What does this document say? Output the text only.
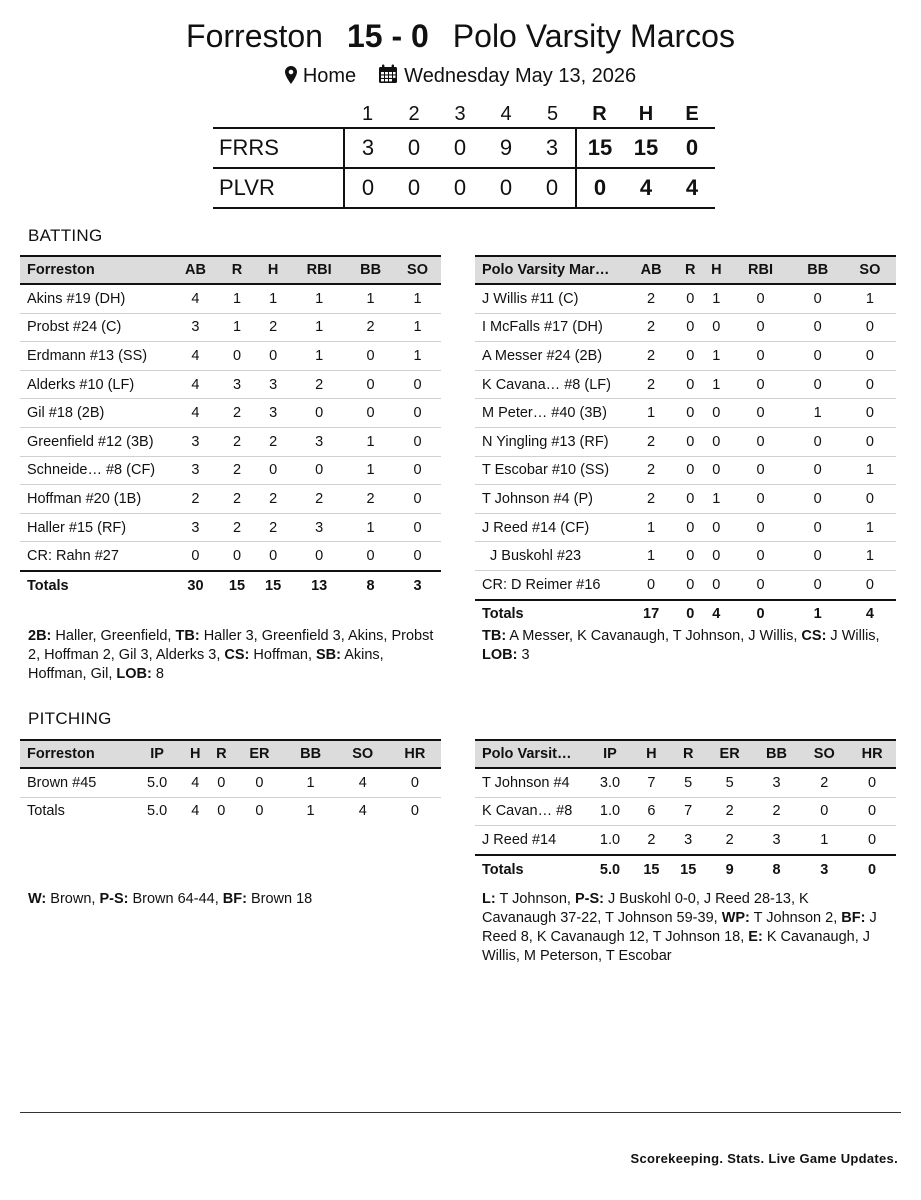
Forreston 15 - 0 Polo Varsity Marcos
Home Wednesday May 13, 2026
	1	2	3	4	5	R	H	E
FRRS	3	0	0	9	3	15	15	0
PLVR	0	0	0	0	0	0	4	4
BATTING
Forreston	AB	R	H	RBI	BB	SO
Akins #19 (DH)	4	1	1	1	1	1
Probst #24 (C)	3	1	2	1	2	1
Erdmann #13 (SS)	4	0	0	1	0	1
Alderks #10 (LF)	4	3	3	2	0	0
Gil #18 (2B)	4	2	3	0	0	0
Greenfield #12 (3B)	3	2	2	3	1	0
Schneide… #8 (CF)	3	2	0	0	1	0
Hoffman #20 (1B)	2	2	2	2	2	0
Haller #15 (RF)	3	2	2	3	1	0
CR: Rahn #27	0	0	0	0	0	0
Totals	30	15	15	13	8	3
Polo Varsity Mar…	AB	R	H	RBI	BB	SO
J Willis #11 (C)	2	0	1	0	0	1
I McFalls #17 (DH)	2	0	0	0	0	0
A Messer #24 (2B)	2	0	1	0	0	0
K Cavana… #8 (LF)	2	0	1	0	0	0
M Peter… #40 (3B)	1	0	0	0	1	0
N Yingling #13 (RF)	2	0	0	0	0	0
T Escobar #10 (SS)	2	0	0	0	0	1
T Johnson #4 (P)	2	0	1	0	0	0
J Reed #14 (CF)	1	0	0	0	0	1
J Buskohl #23	1	0	0	0	0	1
CR: D Reimer #16	0	0	0	0	0	0
Totals	17	0	4	0	1	4
2B: Haller, Greenfield, TB: Haller 3, Greenfield 3, Akins, Probst 2, Hoffman 2, Gil 3, Alderks 3, CS: Hoffman, SB: Akins, Hoffman, Gil, LOB: 8
TB: A Messer, K Cavanaugh, T Johnson, J Willis, CS: J Willis, LOB: 3
PITCHING
Forreston	IP	H	R	ER	BB	SO	HR
Brown #45	5.0	4	0	0	1	4	0
Totals	5.0	4	0	0	1	4	0
Polo Varsit…	IP	H	R	ER	BB	SO	HR
T Johnson #4	3.0	7	5	5	3	2	0
K Cavan… #8	1.0	6	7	2	2	0	0
J Reed #14	1.0	2	3	2	3	1	0
Totals	5.0	15	15	9	8	3	0
W: Brown, P-S: Brown 64-44, BF: Brown 18	L: T Johnson, P-S: J Buskohl 0-0, J Reed 28-13, K Cavanaugh 37-22, T Johnson 59-39, WP: T Johnson 2, BF: J Reed 8, K Cavanaugh 12, T Johnson 18, E: K Cavanaugh, J Willis, M Peterson, T Escobar
Scorekeeping. Stats. Live Game Updates.
